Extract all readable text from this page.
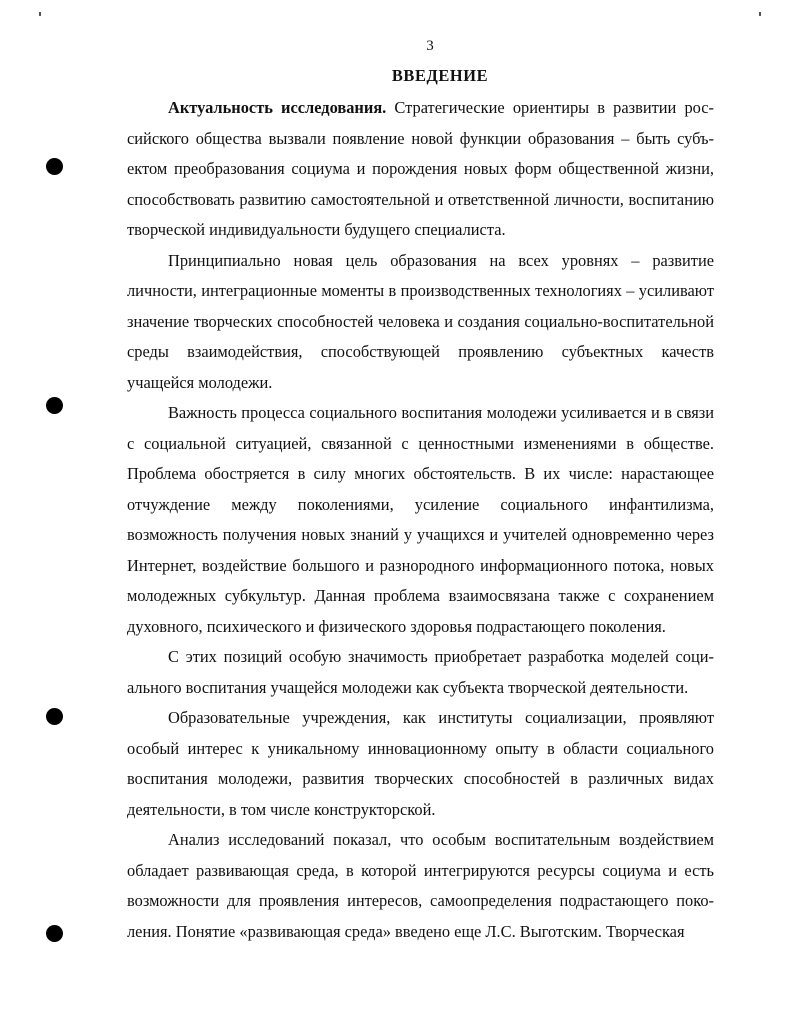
3
ВВЕДЕНИЕ

Актуальность исследования. Стратегические ориентиры в развитии российского общества вызвали появление новой функции образования – быть субъектом преобразования социума и порождения новых форм общественной жизни, способствовать развитию самостоятельной и ответственной личности, воспитанию творческой индивидуальности будущего специалиста.

Принципиально новая цель образования на всех уровнях – развитие личности, интеграционные моменты в производственных технологиях – усиливают значение творческих способностей человека и создания социально-воспитательной среды взаимодействия, способствующей проявлению субъектных качеств учащейся молодежи.

Важность процесса социального воспитания молодежи усиливается и в связи с социальной ситуацией, связанной с ценностными изменениями в обществе. Проблема обостряется в силу многих обстоятельств. В их числе: нарастающее отчуждение между поколениями, усиление социального инфантилизма, возможность получения новых знаний у учащихся и учителей одновременно через Интернет, воздействие большого и разнородного информационного потока, новых молодежных субкультур. Данная проблема взаимосвязана также с сохранением духовного, психического и физического здоровья подрастающего поколения.

С этих позиций особую значимость приобретает разработка моделей социального воспитания учащейся молодежи как субъекта творческой деятельности.

Образовательные учреждения, как институты социализации, проявляют особый интерес к уникальному инновационному опыту в области социального воспитания молодежи, развития творческих способностей в различных видах деятельности, в том числе конструкторской.

Анализ исследований показал, что особым воспитательным воздействием обладает развивающая среда, в которой интегрируются ресурсы социума и есть возможности для проявления интересов, самоопределения подрастающего поколения. Понятие «развивающая среда» введено еще Л.С. Выготским. Творческая
